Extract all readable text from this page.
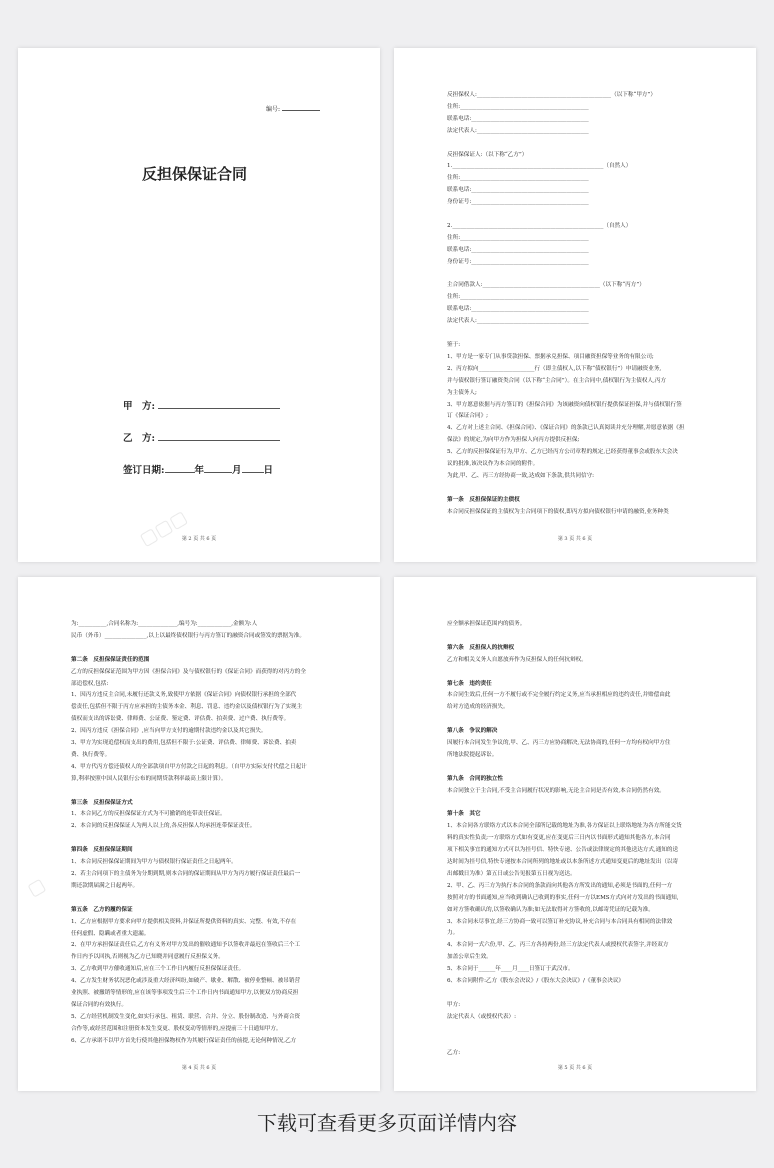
▢▢▢
编号:
反担保保证合同
甲　方:
乙　方:
签订日期:	年	月 日
第 2 页 共 6 页

反担保权人:________________________________________________（以下称“甲方”）

住所:______________________________________________

联系电话:__________________________________________

法定代表人:________________________________________

反担保保证人:（以下称“乙方”）

1.______________________________________________________（自然人）

住所:______________________________________________

联系电话:__________________________________________

身份证号:__________________________________________

2.______________________________________________________（自然人）

住所:______________________________________________

联系电话:__________________________________________

身份证号:__________________________________________

主合同借款人:__________________________________________（以下称“丙方”）

住所:______________________________________________

联系电话:__________________________________________

法定代表人:________________________________________

鉴于:

1、甲方是一家专门从事贷款担保、票据承兑担保、项目融资担保等业务的有限公司;

2、丙方拟向____________________行（即主债权人,以下称“债权银行”）申请融资业务,

并与债权银行签订融资类合同（以下称“主合同”）。在主合同中,债权银行为主债权人,丙方

为主债务人;

3、甲方愿意依据与丙方签订的《担保合同》为该融资向债权银行提供保证担保,并与债权银行签

订《保证合同》;

4、乙方对上述主合同、《担保合同》、《保证合同》的条款已认真阅读并充分理解,并愿意依据《担

保法》的规定,为向甲方作为担保人向丙方提供反担保;

5、乙方的反担保保证行为,甲方、乙方已经丙方公司章程的规定,已经获得董事会或股东大会决

议的批准,该决议作为本合同的附件。

为此,甲、乙、丙三方经协商一致,达成如下条款,供共同信守:

第一条　反担保保证的主债权

本合同反担保保证的主债权为主合同项下的债权,即丙方拟向债权银行申请的融资,业务种类

第 3 页 共 6 页
▢

为:__________,合同名称为:______________,编号为:____________,金额为:人

民币（外币）_______________,以上以最终债权银行与丙方签订的融资合同或签发的票据为准。

第二条　反担保保证责任的范围

乙方的反担保保证范围为甲方因《担保合同》及与债权银行的《保证合同》而获得的对丙方的全

部追偿权,包括:

1、因丙方违反主合同,未履行还款义务,致使甲方依据《保证合同》向债权银行承担的全部代

偿责任,包括但不限于丙方应承担的主债务本金、利息、罚息、违约金以及债权银行为了实现主

债权而支出的诉讼费、律师费、公证费、鉴定费、评估费、拍卖费、过户费、执行费等。

2、因丙方违反《担保合同》,应当向甲方支付的逾期付款违约金以及其它损失。

3、甲方为实现追偿权而支出的费用,包括但不限于:公证费、评估费、律师费、诉讼费、拍卖

费、执行费等。

4、甲方代丙方偿还债权人的全部款项自甲方付款之日起的利息。（自甲方实际支付代偿之日起计

算,利率按照中国人民银行公布的同期贷款利率最高上限计算）。

第三条　反担保保证方式

1、本合同乙方的反担保保证方式为不可撤销的连带责任保证。

2、本合同的反担保保证人为两人以上的,各反担保人均承担连带保证责任。

第四条　反担保保证期间

1、本合同反担保保证期间为甲方与债权银行保证责任之日起两年。

2、若主合同项下的主债务为分期到期,则本合同的保证期间从甲方为丙方履行保证责任最后一

期还款期届满之日起两年。

第五条　乙方的履约保证

1、乙方应根据甲方要求向甲方提供相关资料,并保证所提供资料的真实、完整、有效,不存在

任何虚假、隐瞒或者重大遗漏。

2、在甲方承担保证责任后,乙方有义务对甲方发出的催收通知予以签收并最迟在签收后三个工

作日内予以回执,否则视为乙方已知晓并同意履行反担保义务。

3、乙方收到甲方催收通知后,应在三个工作日内履行反担保保证责任。

4、乙方发生财务状况恶化或涉及重大经济纠纷,如破产、歇业、解散、被停业整顿、被吊销营

业执照、被撤销等情形的,应在该等事项发生后三个工作日内书面通知甲方,以便双方协商反担

保证合同的有效执行。

5、乙方经营机制发生变化,如实行承包、租赁、联营、合并、分立、股份制改造、与外商合资

合作等,或经营范围和注册资本发生变更、股权变动等情形的,应提前三十日通知甲方。

6、乙方承诺不以甲方首先行使其他担保物权作为其履行保证责任的前提,无论何种情况,乙方

第 4 页 共 6 页

应全额承担保证范围内的债务。

第六条　反担保人的抗辩权

乙方和相关义务人自愿放弃作为反担保人的任何抗辩权。

第七条　违约责任

本合同生效后,任何一方不履行或不完全履行约定义务,应当承担相应的违约责任,并赔偿由此

给对方造成的经济损失。

第八条　争议的解决

因履行本合同发生争议的,甲、乙、丙三方应协商解决,无法协商的,任何一方均有权向甲方住

所地法院提起诉讼。

第九条　合同的独立性

本合同独立于主合同,不受主合同履行状况的影响,无论主合同是否有效,本合同仍然有效。

第十条　其它

1、本合同各方联络方式以本合同全部所记载的地址为准,各方保证以上联络地址为各方所能交货

料的真实性负责;一方联络方式如有变更,应在变更后三日内以书面形式通知其他各方,本合同

项下相关事宜的通知方式可以为挂号信、特快专递、公告或法律规定的其他送达方式,通知的送

达时间为挂号信,特快专递按本合同所列的地址或以本条所述方式通知变更后的地址发出（以寄

出邮戳日为准）第五日或公告见报第五日视为送达。

2、甲、乙、丙三方为执行本合同的条款而向其他各方所发出的通知,必须是书面的,任何一方

按照对方的书面通知,应当收到确认已收到的事实,任何一方以EMS方式向对方发出的书面通知,

如对方签收确认的,以签收确认为准;如无法取得对方签收的,以邮寄凭证的记载为准。

3、本合同未尽事宜,经三方协商一致可以签订补充协议,补充合同与本合同具有相同的法律效

力。

4、本合同一式六份,甲、乙、丙三方各持两份,经三方法定代表人或授权代表签字,并经双方

加盖公章后生效。

5、本合同于______年____月____日签订于武汉市。

6、本合同附件:乙方《股东会决议》/《股东大会决议》/《董事会决议》

甲方:

法定代表人（或授权代表）:

乙方:

第 5 页 共 6 页
下载可查看更多页面详情内容
